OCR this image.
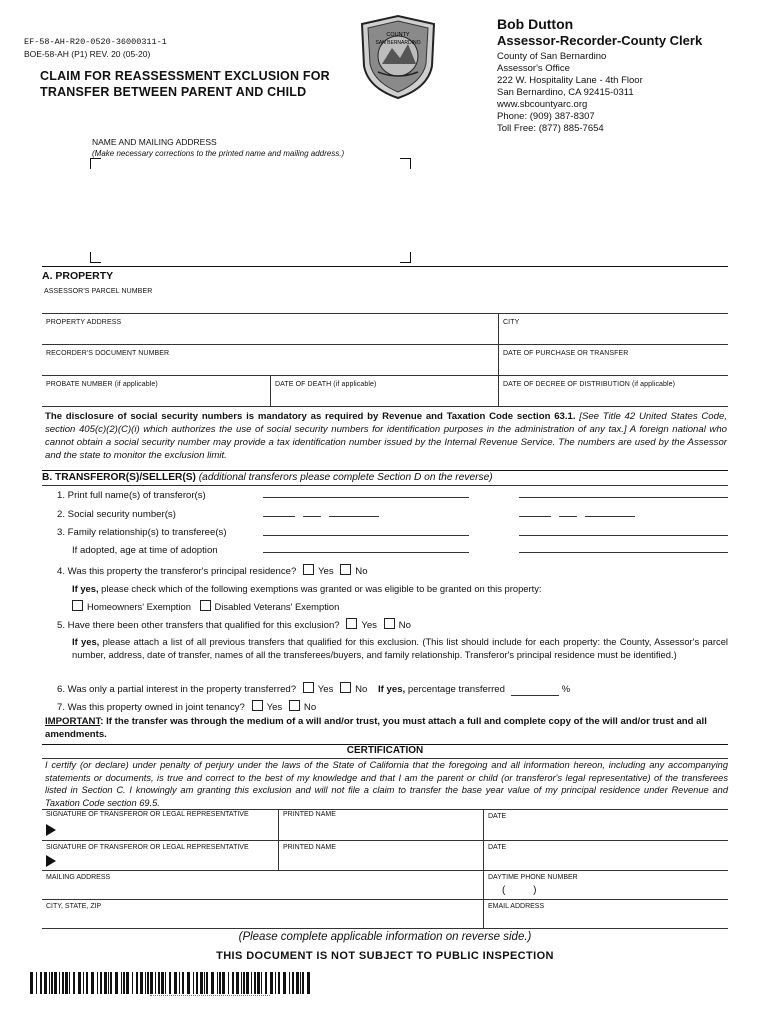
EF-58-AH-R20-0520-36000311-1
BOE-58-AH (P1) REV. 20 (05-20)
CLAIM FOR REASSESSMENT EXCLUSION FOR
TRANSFER BETWEEN PARENT AND CHILD
COUNTY
SAN BERNARDINO
Bob Dutton
Assessor-Recorder-County Clerk
County of San Bernardino
Assessor's Office
222 W. Hospitality Lane - 4th Floor
San Bernardino, CA 92415-0311
www.sbcountyarc.org
Phone: (909) 387-8307
Toll Free: (877) 885-7654
NAME AND MAILING ADDRESS
(Make necessary corrections to the printed name and mailing address.)
A. PROPERTY
ASSESSOR'S PARCEL NUMBER
PROPERTY ADDRESS	CITY
RECORDER'S DOCUMENT NUMBER	DATE OF PURCHASE OR TRANSFER
PROBATE NUMBER (if applicable)	DATE OF DEATH (if applicable)	DATE OF DECREE OF DISTRIBUTION (if applicable)
The disclosure of social security numbers is mandatory as required by Revenue and Taxation Code section 63.1. [See Title 42 United States Code, section 405(c)(2)(C)(i) which authorizes the use of social security numbers for identification purposes in the administration of any tax.] A foreign national who cannot obtain a social security number may provide a tax identification number issued by the Internal Revenue Service. The numbers are used by the Assessor and the state to monitor the exclusion limit.
B. TRANSFEROR(S)/SELLER(S) (additional transferors please complete Section D on the reverse)
1. Print full name(s) of transferor(s)
2. Social security number(s)
3. Family relationship(s) to transferee(s)
If adopted, age at time of adoption
4. Was this property the transferor's principal residence? Yes No
If yes, please check which of the following exemptions was granted or was eligible to be granted on this property:
Homeowners' Exemption	Disabled Veterans' Exemption
5. Have there been other transfers that qualified for this exclusion? Yes No
If yes, please attach a list of all previous transfers that qualified for this exclusion. (This list should include for each property: the County, Assessor's parcel number, address, date of transfer, names of all the transferees/buyers, and family relationship. Transferor's principal residence must be identified.)
6. Was only a partial interest in the property transferred? Yes No If yes, percentage transferred	%
7. Was this property owned in joint tenancy? Yes No
IMPORTANT: If the transfer was through the medium of a will and/or trust, you must attach a full and complete copy of the will and/or trust and all amendments.
CERTIFICATION
I certify (or declare) under penalty of perjury under the laws of the State of California that the foregoing and all information hereon, including any accompanying statements or documents, is true and correct to the best of my knowledge and that I am the parent or child (or transferor's legal representative) of the transferees listed in Section C. I knowingly am granting this exclusion and will not file a claim to transfer the base year value of my principal residence under Revenue and Taxation Code section 69.5.
SIGNATURE OF TRANSFEROR OR LEGAL REPRESENTATIVE	PRINTED NAME	DATE
SIGNATURE OF TRANSFEROR OR LEGAL REPRESENTATIVE	PRINTED NAME	DATE
MAILING ADDRESS	DAYTIME PHONE NUMBER
(          )
CITY, STATE, ZIP	EMAIL ADDRESS
(Please complete applicable information on reverse side.)
THIS DOCUMENT IS NOT SUBJECT TO PUBLIC INSPECTION
